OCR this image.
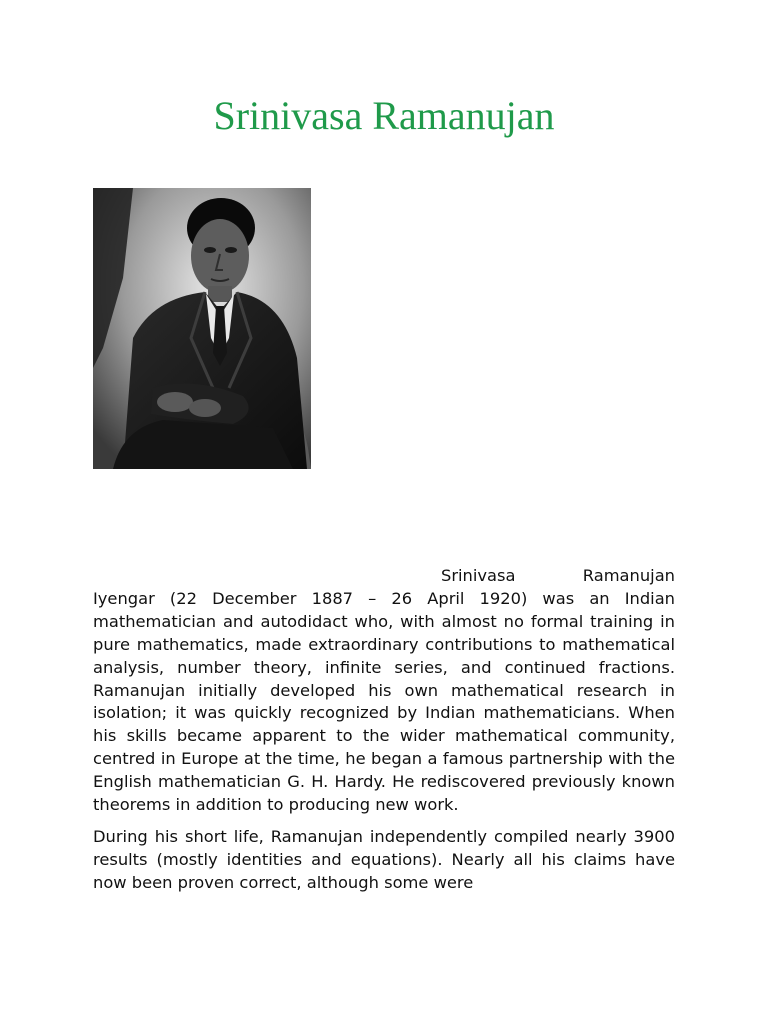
Srinivasa Ramanujan

Srinivasa Ramanujan Iyengar (22 December 1887 – 26 April 1920) was an Indian mathematician and autodidact who, with almost no formal training in pure mathematics, made extraordinary contributions to mathematical analysis, number theory, infinite series, and continued fractions. Ramanujan initially developed his own mathematical research in isolation; it was quickly recognized by Indian mathematicians. When his skills became apparent to the wider mathematical community, centred in Europe at the time, he began a famous partnership with the English mathematician G. H. Hardy. He rediscovered previously known theorems in addition to producing new work.

During his short life, Ramanujan independently compiled nearly 3900 results (mostly identities and equations). Nearly all his claims have now been proven correct, although some were
